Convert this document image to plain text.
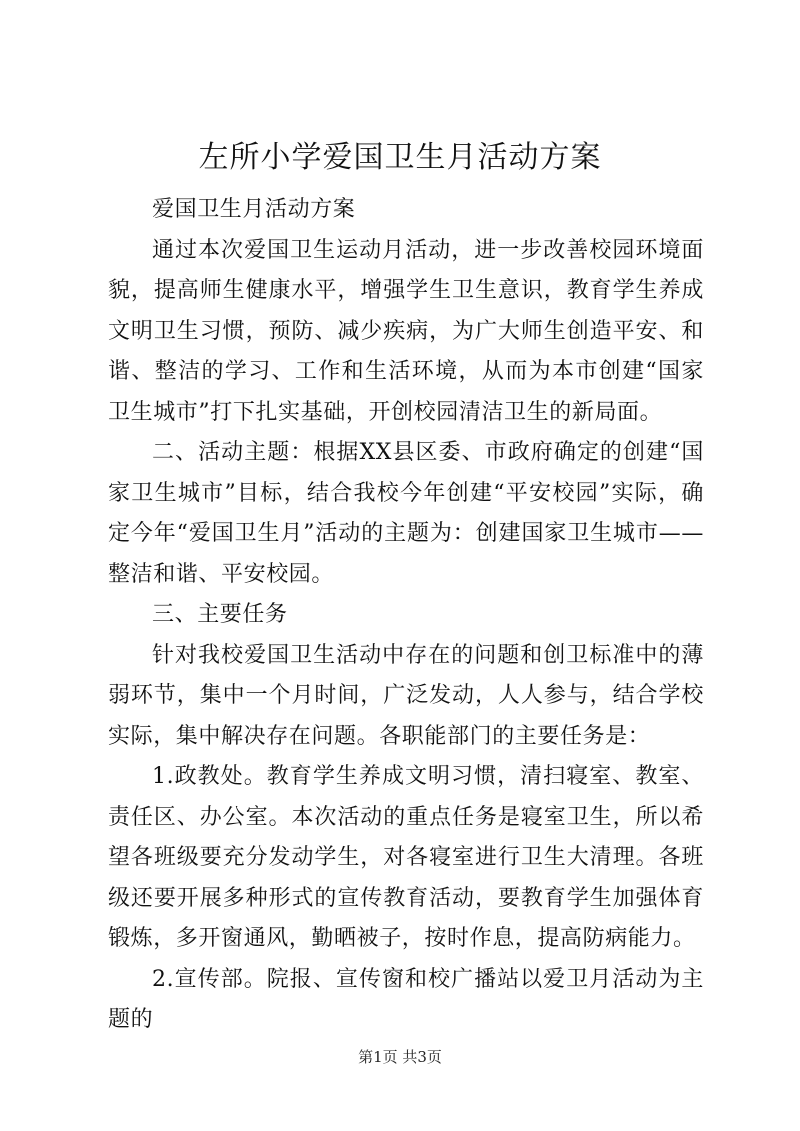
左所小学爱国卫生月活动方案

爱国卫生月活动方案

通过本次爱国卫生运动月活动，进一步改善校园环境面貌，提高师生健康水平，增强学生卫生意识，教育学生养成文明卫生习惯，预防、减少疾病，为广大师生创造平安、和谐、整洁的学习、工作和生活环境，从而为本市创建“国家卫生城市”打下扎实基础，开创校园清洁卫生的新局面。

二、活动主题：根据XX县区委、市政府确定的创建“国家卫生城市”目标，结合我校今年创建“平安校园”实际，确定今年“爱国卫生月”活动的主题为：创建国家卫生城市——整洁和谐、平安校园。

三、主要任务

针对我校爱国卫生活动中存在的问题和创卫标准中的薄弱环节，集中一个月时间，广泛发动，人人参与，结合学校实际，集中解决存在问题。各职能部门的主要任务是：

1.政教处。教育学生养成文明习惯，清扫寝室、教室、责任区、办公室。本次活动的重点任务是寝室卫生，所以希望各班级要充分发动学生，对各寝室进行卫生大清理。各班级还要开展多种形式的宣传教育活动，要教育学生加强体育锻炼，多开窗通风，勤晒被子，按时作息，提高防病能力。

2.宣传部。院报、宣传窗和校广播站以爱卫月活动为主题的

第1页 共3页
